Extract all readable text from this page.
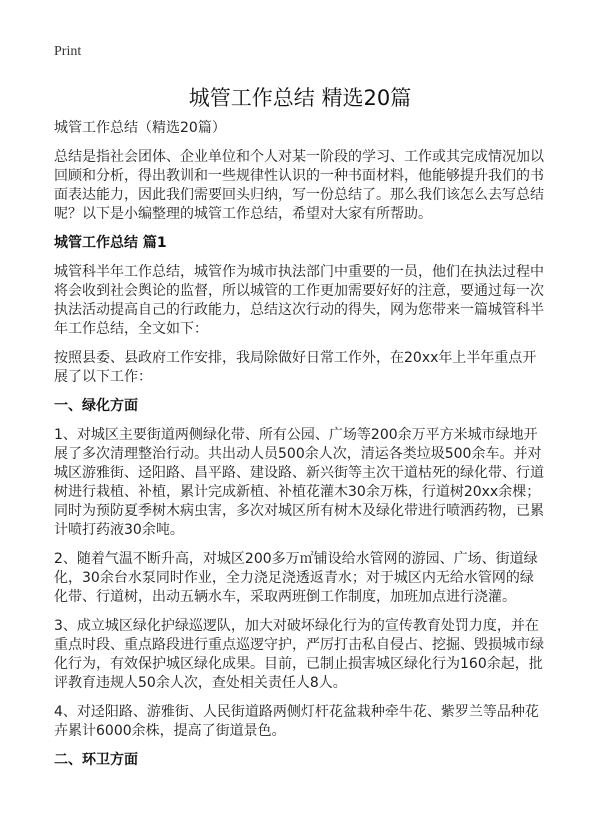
Print
城管工作总结 精选20篇

城管工作总结（精选20篇）

总结是指社会团体、企业单位和个人对某一阶段的学习、工作或其完成情况加以回顾和分析，得出教训和一些规律性认识的一种书面材料，他能够提升我们的书面表达能力，因此我们需要回头归纳，写一份总结了。那么我们该怎么去写总结呢？以下是小编整理的城管工作总结，希望对大家有所帮助。

城管工作总结 篇1

城管科半年工作总结，城管作为城市执法部门中重要的一员，他们在执法过程中将会收到社会舆论的监督，所以城管的工作更加需要好好的注意，要通过每一次执法活动提高自己的行政能力，总结这次行动的得失，网为您带来一篇城管科半年工作总结，全文如下：

按照县委、县政府工作安排，我局除做好日常工作外，在20xx年上半年重点开展了以下工作：

一、绿化方面

1、对城区主要街道两侧绿化带、所有公园、广场等200余万平方米城市绿地开展了多次清理整治行动。共出动人员500余人次，清运各类垃圾500余车。并对城区游雅街、迳阳路、昌平路、建设路、新兴街等主次干道枯死的绿化带、行道树进行栽植、补植，累计完成新植、补植花灌木30余万株，行道树20xx余棵；同时为预防夏季树木病虫害，多次对城区所有树木及绿化带进行喷洒药物，已累计喷打药液30余吨。

2、随着气温不断升高，对城区200多万㎡铺设给水管网的游园、广场、街道绿化，30余台水泵同时作业，全力浇足浇透返青水；对于城区内无给水管网的绿化带、行道树，出动五辆水车，采取两班倒工作制度，加班加点进行浇灌。

3、成立城区绿化护绿巡逻队，加大对破坏绿化行为的宣传教育处罚力度，并在重点时段、重点路段进行重点巡逻守护，严厉打击私自侵占、挖掘、毁损城市绿化行为，有效保护城区绿化成果。目前，已制止损害城区绿化行为160余起，批评教育违规人50余人次，查处相关责任人8人。

4、对迳阳路、游雅街、人民街道路两侧灯杆花盆栽种牵牛花、紫罗兰等品种花卉累计6000余株，提高了街道景色。

二、环卫方面
